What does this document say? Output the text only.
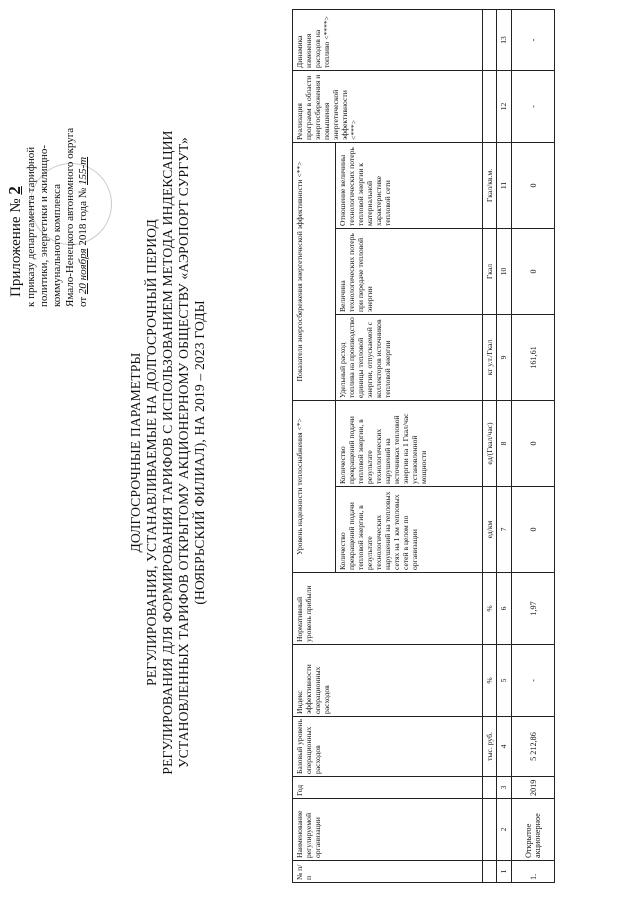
Приложение № 2 к приказу департамента тарифной политики, энергетики и жилищно- коммунального комплекса Ямало-Ненецкого автономного округа от 20 ноября 2018 года № 155-т
ДОЛГОСРОЧНЫЕ ПАРАМЕТРЫ РЕГУЛИРОВАНИЯ, УСТАНАВЛИВАЕМЫЕ НА ДОЛГОСРОЧНЫЙ ПЕРИОД РЕГУЛИРОВАНИЯ ДЛЯ ФОРМИРОВАНИЯ ТАРИФОВ С ИСПОЛЬЗОВАНИЕМ МЕТОДА ИНДЕКСАЦИИ УСТАНОВЛЕННЫХ ТАРИФОВ ОТКРЫТОМУ АКЦИОНЕРНОМУ ОБЩЕСТВУ «АЭРОПОРТ СУРГУТ» (НОЯБРЬСКИЙ ФИЛИАЛ), НА 2019 – 2023 ГОДЫ
№ п/п	Наименование регулируемой организации	Год	Базовый уровень операционных расходов	Индекс эффективности операционных расходов	Нормативный уровень прибыли	Уровень надежности теплоснабжения <*>		Показатели энергосбережения энергетической эффективности <**>			Реализация программ в области энергосбережения и повышения энергетической эффективности <***>	Динамика изменения расходов на топливо <****>
						Количество прекращений подачи тепловой энергии, в результате технологических нарушений на тепловых сетях на 1 км тепловых сетей в целом по организации	Количество прекращений подачи тепловой энергии, в результате технологических нарушений на источниках тепловой энергии на 1 Гкал/час установленной мощности	Удельный расход топлива на производство единицы тепловой энергии, отпускаемой с коллекторов источников тепловой энергии	Величина технологических потерь при передаче тепловой энергии	Отношение величины технологических потерь тепловой энергии к материальной характеристике тепловой сети		
			тыс. руб.	%	%	ед/км	ед/(Гкал/час)	кг у.т./Гкал	Гкал	Гкал/кв.м.		
1	2	3	4	5	6	7	8	9	10	11	12	13
1.	Открытое акционерное	2019	5 212,86	-	1,97	0	0	161,61	0	0	-	-
